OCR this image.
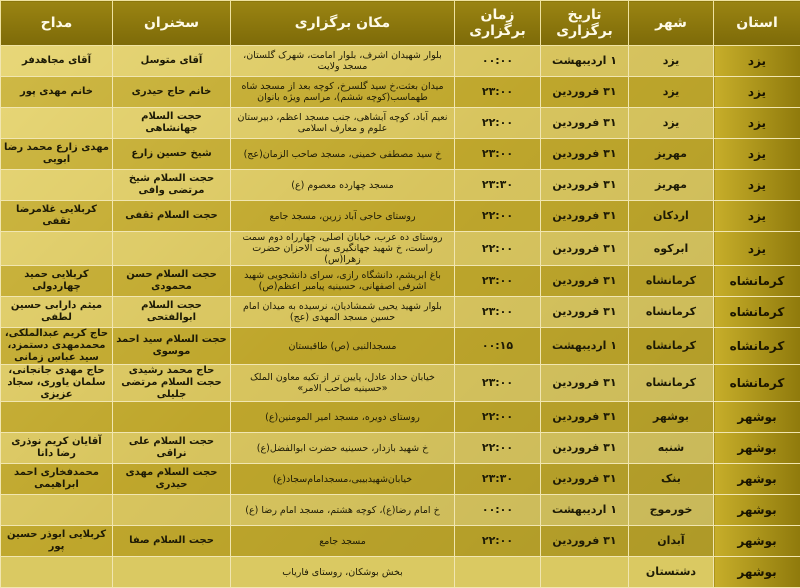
استان	شهر	تاریخ برگزاری	زمان برگزاری	مکان برگزاری	سخنران	مداح
یزد	یزد	۱ اردیبهشت	۰۰:۰۰	بلوار شهیدان اشرف، بلوار امامت، شهرک گلستان، مسجد ولایت	آقای متوسل	آقای مجاهدفر
یزد	یزد	۳۱ فروردین	۲۳:۰۰	میدان بعثت،خ سید گلسرخ، کوچه بعد از مسجد شاه طهماسب(کوچه ششم)، مراسم ویژه بانوان	خانم حاج حیدری	خانم مهدی پور
یزد	یزد	۳۱ فروردین	۲۲:۰۰	نعیم آباد، کوچه آبشاهی، جنب مسجد اعظم، دبیرستان علوم و معارف اسلامی	حجت السلام جهانشاهی	
یزد	مهریز	۳۱ فروردین	۲۳:۰۰	خ سید مصطفی خمینی، مسجد صاحب الزمان(عج)	شیخ حسین زارع	مهدی زارع محمد رضا ابویی
یزد	مهریز	۳۱ فروردین	۲۳:۳۰	مسجد چهارده معصوم (ع)	حجت السلام شیخ مرتضی وافی	
یزد	اردکان	۳۱ فروردین	۲۲:۰۰	روستای حاجی آباد زرین، مسجد جامع	حجت السلام ثقفی	کربلایی غلامرضا ثقفی
یزد	ابرکوه	۳۱ فروردین	۲۲:۰۰	روستای ده عرب، خیابان اصلی، چهارراه دوم سمت راست، خ شهید جهانگیری بیت الاحزان حضرت زهرا(س)		
کرمانشاه	کرمانشاه	۳۱ فروردین	۲۳:۰۰	باغ ابریشم، دانشگاه رازی، سرای دانشجویی شهید اشرفی اصفهانی، حسینیه پیامبر اعظم(ص)	حجت السلام حسن محمودی	کربلایی حمید چهاردولی
کرمانشاه	کرمانشاه	۳۱ فروردین	۲۳:۰۰	بلوار شهید یحیی شمشادیان، نرسیده به میدان امام حسین مسجد المهدی (عج)	حجت السلام ابوالفتحی	میثم دارابی حسین لطفی
کرمانشاه	کرمانشاه	۱ اردیبهشت	۰۰:۱۵	مسجدالنبی (ص) طاقبستان	حجت السلام سید احمد موسوی	حاج کریم عبدالملکی، محمدمهدی دستمزد، سید عباس زمانی
کرمانشاه	کرمانشاه	۳۱ فروردین	۲۳:۰۰	خیابان حداد عادل، پایین تر از تکیه معاون الملک «حسینیه صاحب الامر»	حاج محمد رشیدی حجت السلام مرتضی جلیلی	حاج مهدی جانجانی، سلمان یاوری، سجاد عزیزی
بوشهر	بوشهر	۳۱ فروردین	۲۲:۰۰	روستای دویره، مسجد امیر المومنین(ع)		
بوشهر	شنبه	۳۱ فروردین	۲۲:۰۰	خ شهید بازدار، حسینیه حضرت ابوالفضل(ع)	حجت السلام علی نراقی	آقایان کریم نوذری رضا دانا
بوشهر	بنک	۳۱ فروردین	۲۳:۳۰	خیابان‌شهیدبیبی،مسجدامام‌سجاد(ع)	حجت السلام مهدی حیدری	محمدفخاری احمد ابراهیمی
بوشهر	خورموج	۱ اردیبهشت	۰۰:۰۰	خ امام رضا(ع)، کوچه هشتم، مسجد امام رضا (ع)		
بوشهر	آبدان	۳۱ فروردین	۲۲:۰۰	مسجد جامع	حجت السلام صفا	کربلایی ابوذر حسین پور
بوشهر	دشتستان			بخش بوشکان، روستای فاریاب		
